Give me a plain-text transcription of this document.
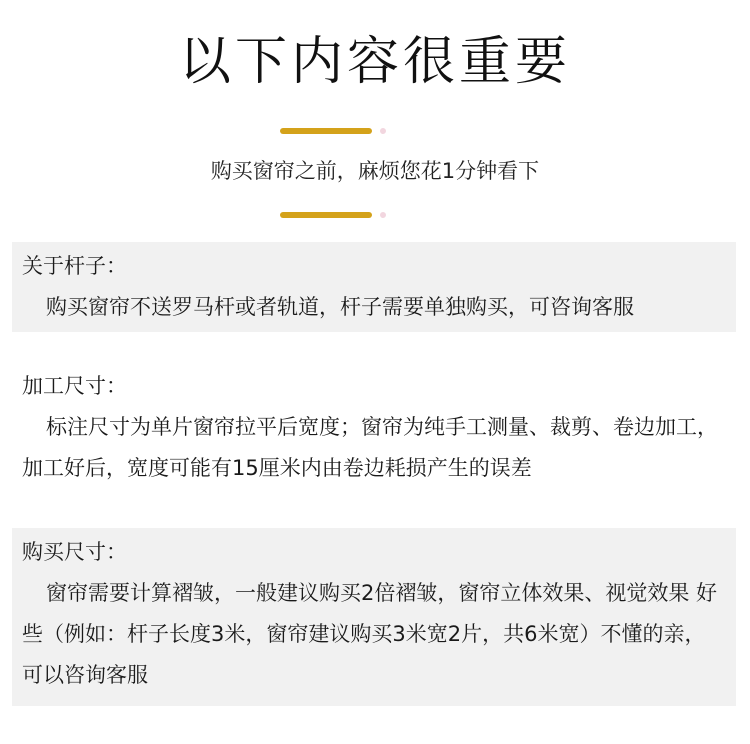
以下内容很重要
购买窗帘之前，麻烦您花1分钟看下
关于杆子：
购买窗帘不送罗马杆或者轨道，杆子需要单独购买，可咨询客服
加工尺寸：
标注尺寸为单片窗帘拉平后宽度；窗帘为纯手工测量、裁剪、卷边加工，加工好后，宽度可能有15厘米内由卷边耗损产生的误差
购买尺寸：
窗帘需要计算褶皱，一般建议购买2倍褶皱，窗帘立体效果、视觉效果 好些（例如：杆子长度3米，窗帘建议购买3米宽2片，共6米宽）不懂的亲，可以咨询客服
